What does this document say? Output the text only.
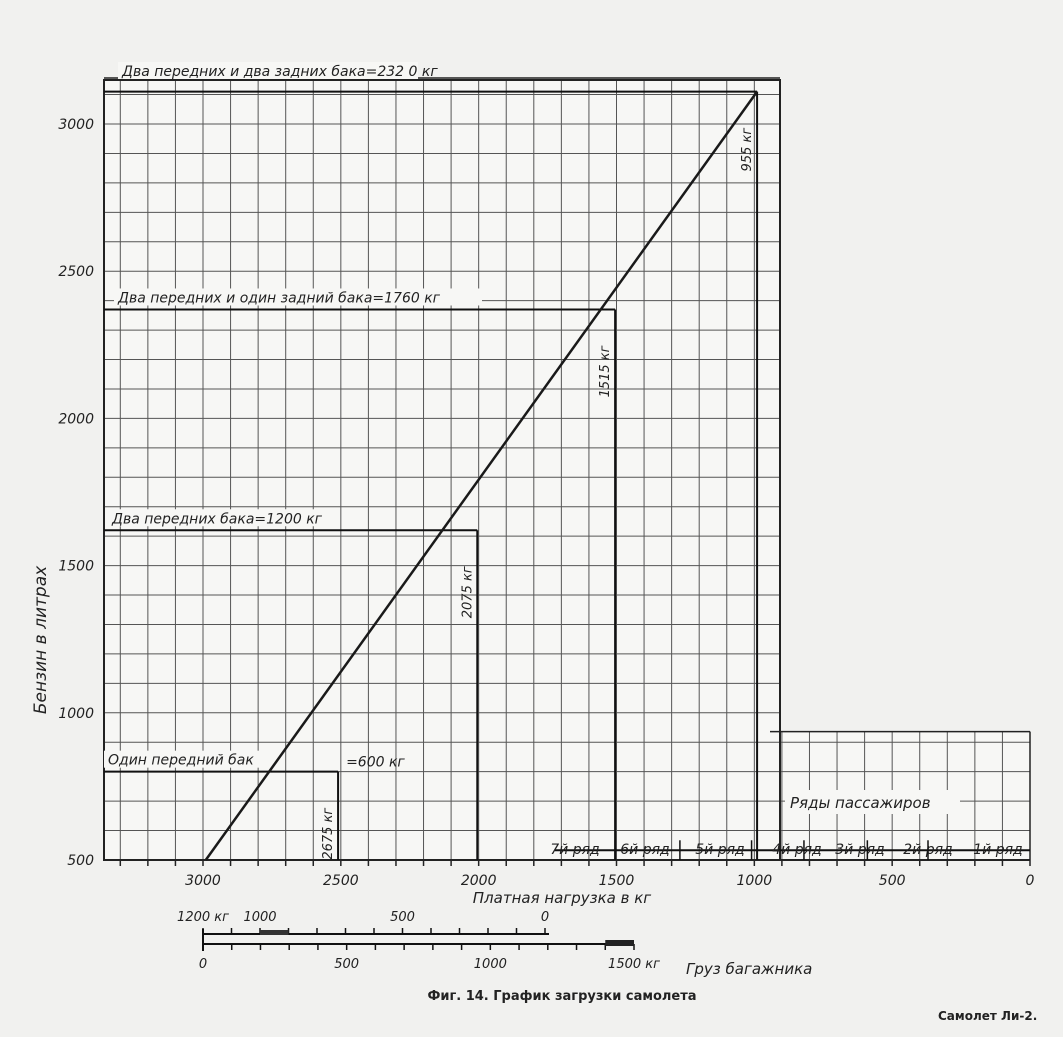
Два передних и два задних бака=232 0 кг
955 кг
Два передних и один задний бака=1760 кг
1515 кг
Два передних бака=1200 кг
2075 кг
Один передний бак	=600 кг
2675 кг	7й ряд 6й ряд 5й ряд 4й ряд 3й ряд 2й ряд 1й ряд
Ряды пассажиров
3000
2500
2000
1500
1000
500
3000	2500	2000	1500	1000	500	0
Бензин в литрах
Платная нагрузка в кг
Груз багажника
Фиг. 14. График загрузки самолета
Самолет Ли-2.
1200 кг 1000	500	0
0	500	1000	1500 кг
